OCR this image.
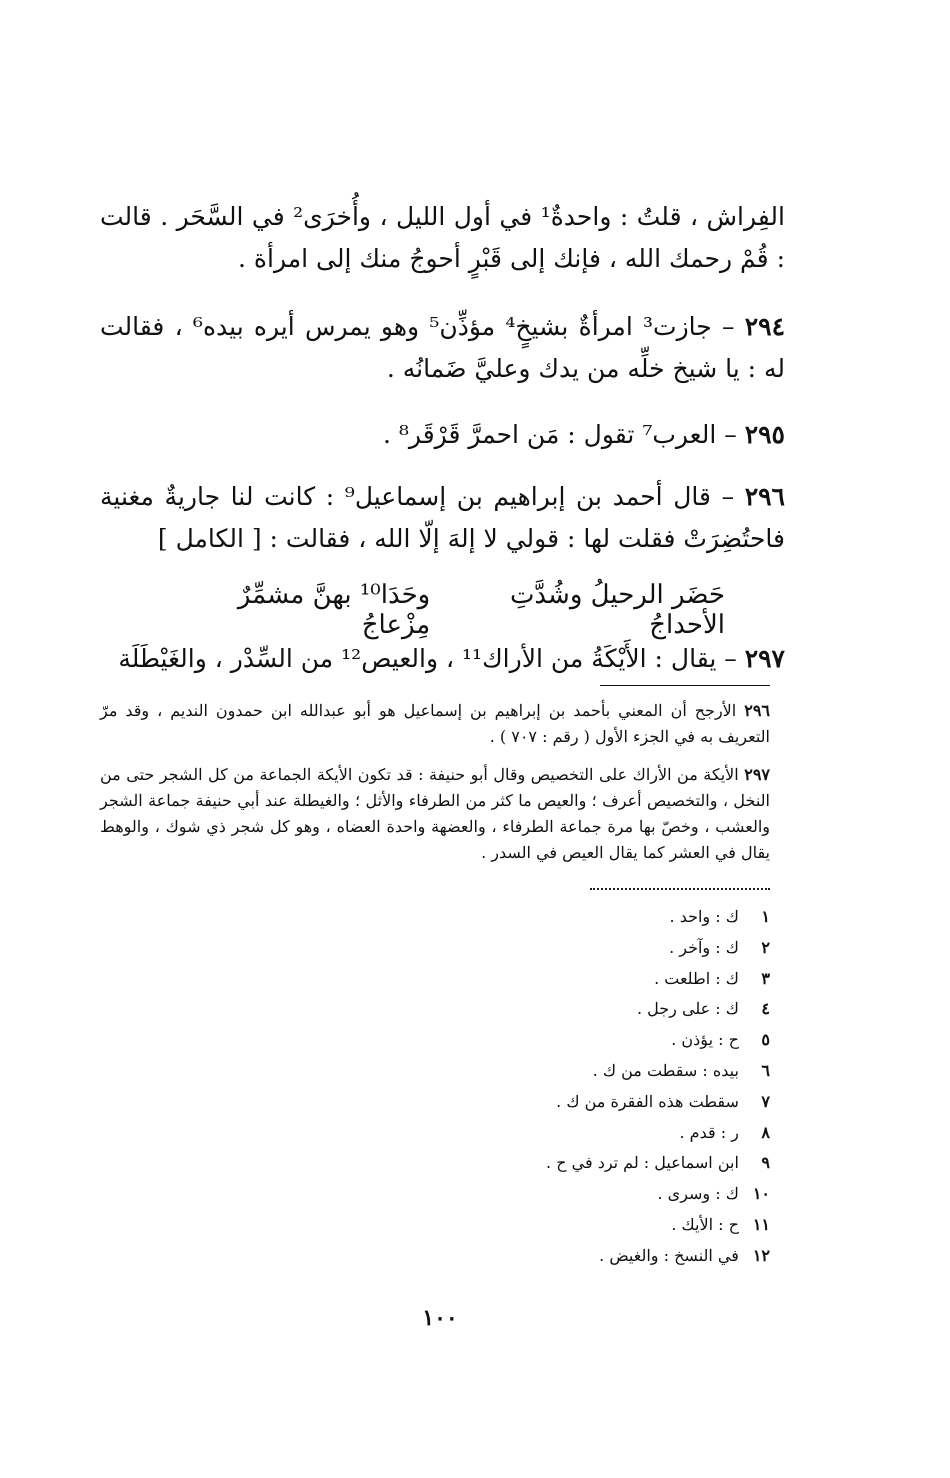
الفِراش ، قلتُ : واحدةٌ¹ في أول الليل ، وأُخرَى² في السَّحَر . قالت : قُمْ رحمك الله ، فإنك إلى قَبْرٍ أحوجُ منك إلى امرأة .

٢٩٤ – جازت³ امرأةٌ بشيخٍ⁴ مؤذِّن⁵ وهو يمرس أيره بيده⁶ ، فقالت له : يا شيخ خلِّه من يدك وعليَّ ضَمانُه .

٢٩٥ – العرب⁷ تقول : مَن احمرَّ قَرْقَر⁸ .

٢٩٦ – قال أحمد بن إبراهيم بن إسماعيل⁹ : كانت لنا جاريةٌ مغنية فاحتُضِرَتْ فقلت لها : قولي لا إلهَ إلّا الله ، فقالت : [ الكامل ]

حَضَر الرحيلُ وشُدَّتِ الأحداجُ
وحَدَا¹⁰ بهنَّ مشمِّرٌ مِزْعاجُ

٢٩٧ – يقال : الأَيْكَةُ من الأراك¹¹ ، والعيص¹² من السِّدْر ، والغَيْطَلَة

٢٩٦ الأرجح أن المعني بأحمد بن إبراهيم بن إسماعيل هو أبو عبدالله ابن حمدون النديم ، وقد مرّ التعريف به في الجزء الأول ( رقم : ٧٠٧ ) .

٢٩٧ الأيكة من الأراك على التخصيص وقال أبو حنيفة : قد تكون الأيكة الجماعة من كل الشجر حتى من النخل ، والتخصيص أعرف ؛ والعيص ما كثر من الطرفاء والأثل ؛ والغيطلة عند أبي حنيفة جماعة الشجر والعشب ، وخصّ بها مرة جماعة الطرفاء ، والعضهة واحدة العضاه ، وهو كل شجر ذي شوك ، والوهط يقال في العشر كما يقال العيص في السدر .

١ ك : واحد .
٢ ك : وآخر .
٣ ك : اطلعت .
٤ ك : على رجل .
٥ ح : يؤذن .
٦ بيده : سقطت من ك .
٧ سقطت هذه الفقرة من ك .
٨ ر : قدم .
٩ ابن اسماعيل : لم ترد في ح .
١٠ ك : وسرى .
١١ ح : الأيك .
١٢ في النسخ : والغيض .
١٠٠
